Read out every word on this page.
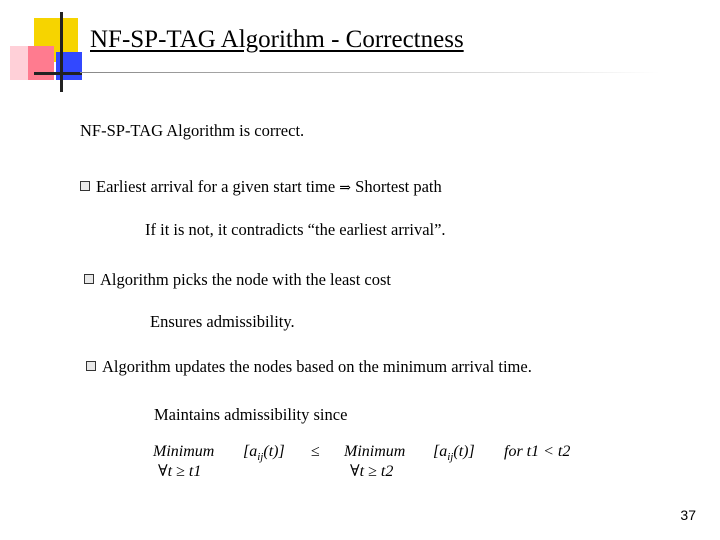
NF-SP-TAG Algorithm - Correctness
NF-SP-TAG Algorithm is correct.
Earliest arrival for a given start time ⇒ Shortest path
If it is not, it contradicts “the earliest arrival”.
Algorithm picks the node with the least cost
Ensures admissibility.
Algorithm updates the nodes based on the minimum arrival time.
Maintains admissibility since
Minimum
∀t ≥ t1
$[a_{ij}(t)]$ ≤ Minimum
∀t ≥ t2
$[a_{ij}(t)]$ for t1 < t2
37
